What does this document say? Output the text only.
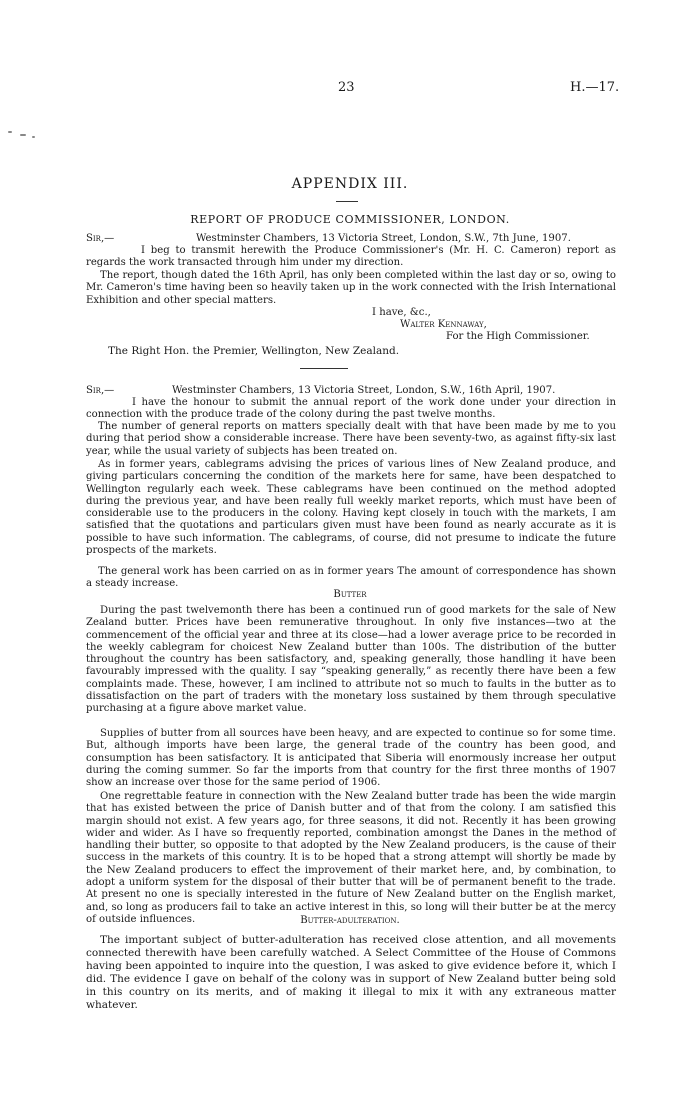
23	H.—17.
APPENDIX III.
REPORT OF PRODUCE COMMISSIONER, LONDON.
Sir,—	Westminster Chambers, 13 Victoria Street, London, S.W., 7th June, 1907.
I beg to transmit herewith the Produce Commissioner's (Mr. H. C. Cameron) report as regards the work transacted through him under my direction.
The report, though dated the 16th April, has only been completed within the last day or so, owing to Mr. Cameron's time having been so heavily taken up in the work connected with the Irish International Exhibition and other special matters.
I have, &c.,
Walter Kennaway,
For the High Commissioner.
The Right Hon. the Premier, Wellington, New Zealand.
Sir,—	Westminster Chambers, 13 Victoria Street, London, S.W., 16th April, 1907.
I have the honour to submit the annual report of the work done under your direction in connection with the produce trade of the colony during the past twelve months.
The number of general reports on matters specially dealt with that have been made by me to you during that period show a considerable increase. There have been seventy-two, as against fifty-six last year, while the usual variety of subjects has been treated on.
As in former years, cablegrams advising the prices of various lines of New Zealand produce, and giving particulars concerning the condition of the markets here for same, have been despatched to Wellington regularly each week. These cablegrams have been continued on the method adopted during the previous year, and have been really full weekly market reports, which must have been of considerable use to the producers in the colony. Having kept closely in touch with the markets, I am satisfied that the quotations and particulars given must have been found as nearly accurate as it is possible to have such information. The cablegrams, of course, did not presume to indicate the future prospects of the markets.
The general work has been carried on as in former years The amount of correspondence has shown a steady increase.
Butter
During the past twelvemonth there has been a continued run of good markets for the sale of New Zealand butter. Prices have been remunerative throughout. In only five instances—two at the commencement of the official year and three at its close—had a lower average price to be recorded in the weekly cablegram for choicest New Zealand butter than 100s. The distribution of the butter throughout the country has been satisfactory, and, speaking generally, those handling it have been favourably impressed with the quality. I say “speaking generally,” as recently there have been a few complaints made. These, however, I am inclined to attribute not so much to faults in the butter as to dissatisfaction on the part of traders with the monetary loss sustained by them through speculative purchasing at a figure above market value.
Supplies of butter from all sources have been heavy, and are expected to continue so for some time. But, although imports have been large, the general trade of the country has been good, and consumption has been satisfactory. It is anticipated that Siberia will enormously increase her output during the coming summer. So far the imports from that country for the first three months of 1907 show an increase over those for the same period of 1906.
One regrettable feature in connection with the New Zealand butter trade has been the wide margin that has existed between the price of Danish butter and of that from the colony. I am satisfied this margin should not exist. A few years ago, for three seasons, it did not. Recently it has been growing wider and wider. As I have so frequently reported, combination amongst the Danes in the method of handling their butter, so opposite to that adopted by the New Zealand producers, is the cause of their success in the markets of this country. It is to be hoped that a strong attempt will shortly be made by the New Zealand producers to effect the improvement of their market here, and, by combination, to adopt a uniform system for the disposal of their butter that will be of permanent benefit to the trade. At present no one is specially interested in the future of New Zealand butter on the English market, and, so long as producers fail to take an active interest in this, so long will their butter be at the mercy of outside influences.	Butter-adulteration.
The important subject of butter-adulteration has received close attention, and all movements connected therewith have been carefully watched. A Select Committee of the House of Commons having been appointed to inquire into the question, I was asked to give evidence before it, which I did. The evidence I gave on behalf of the colony was in support of New Zealand butter being sold in this country on its merits, and of making it illegal to mix it with any extraneous matter whatever.
